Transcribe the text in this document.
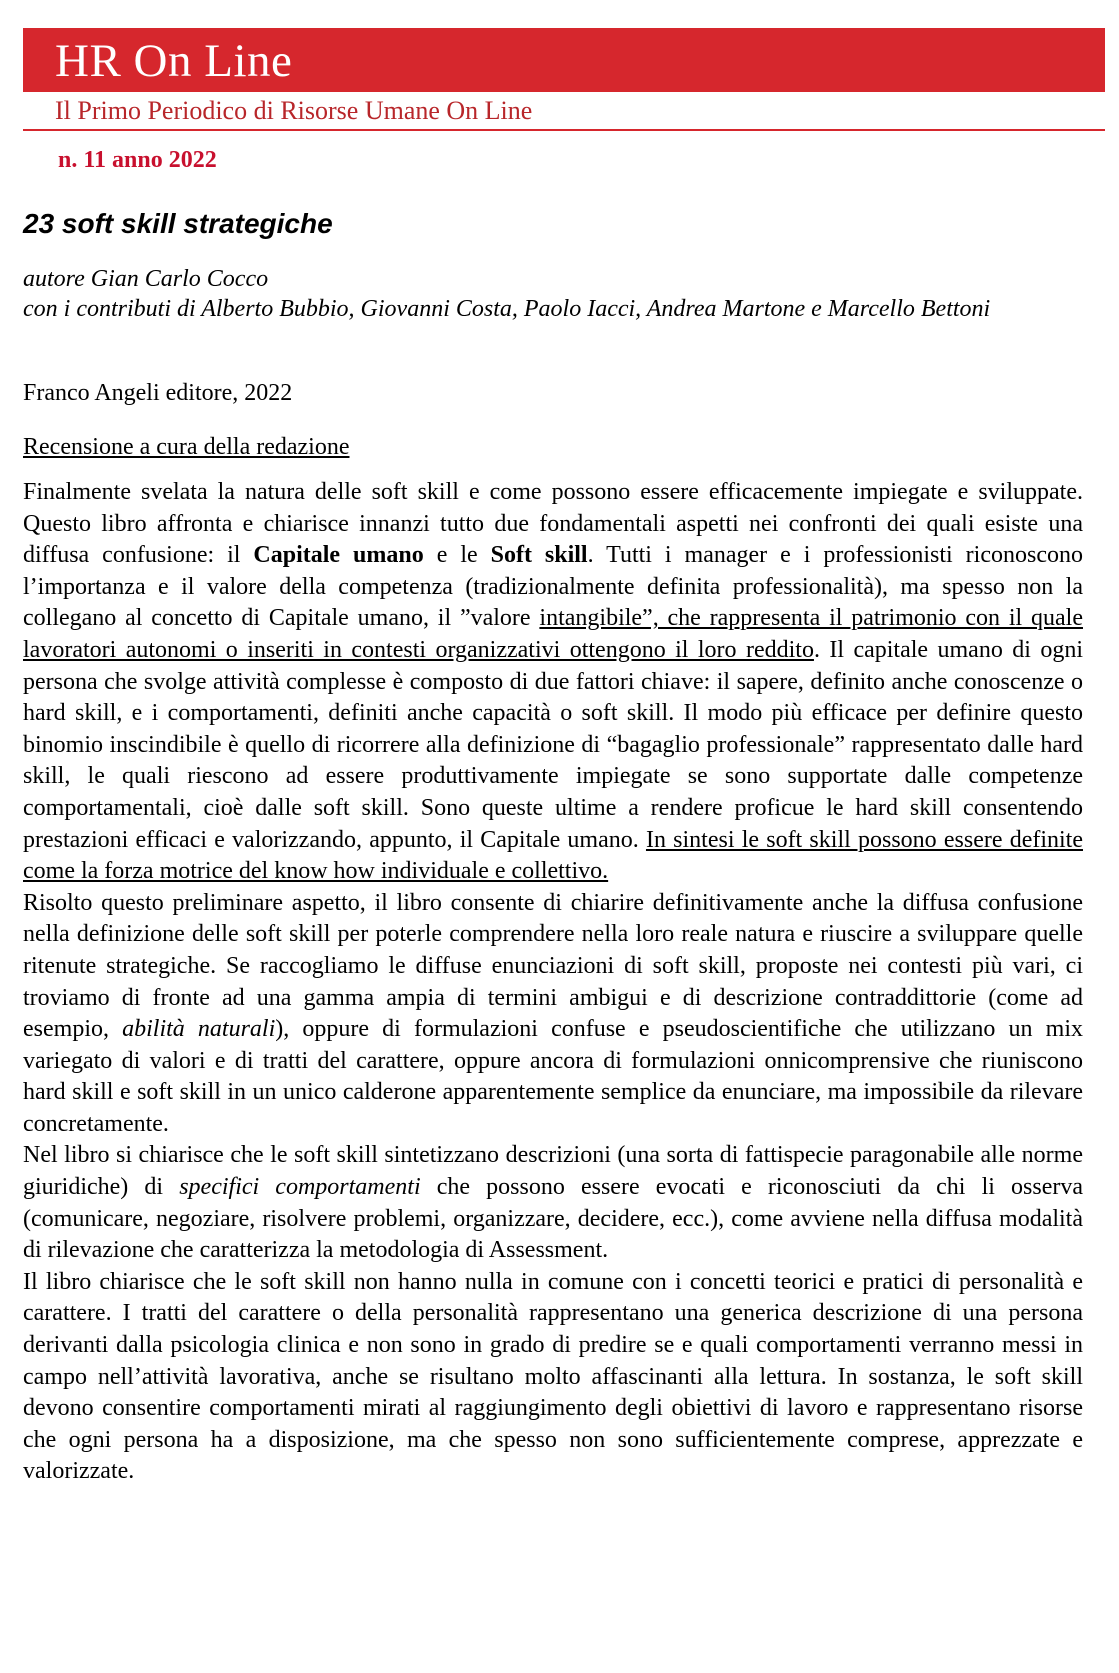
HR On Line
Il Primo Periodico di Risorse Umane On Line
n. 11 anno 2022
23 soft skill strategiche
autore Gian Carlo Cocco
con i contributi di Alberto Bubbio, Giovanni Costa, Paolo Iacci, Andrea Martone e Marcello Bettoni
Franco Angeli editore, 2022
Recensione a cura della redazione

Finalmente svelata la natura delle soft skill e come possono essere efficacemente impiegate e sviluppate. Questo libro affronta e chiarisce innanzi tutto due fondamentali aspetti nei confronti dei quali esiste una diffusa confusione: il Capitale umano e le Soft skill. Tutti i manager e i professionisti riconoscono l’importanza e il valore della competenza (tradizionalmente definita professionalità), ma spesso non la collegano al concetto di Capitale umano, il ”valore intangibile”, che rappresenta il patrimonio con il quale lavoratori autonomi o inseriti in contesti organizzativi ottengono il loro reddito. Il capitale umano di ogni persona che svolge attività complesse è composto di due fattori chiave: il sapere, definito anche conoscenze o hard skill, e i comportamenti, definiti anche capacità o soft skill. Il modo più efficace per definire questo binomio inscindibile è quello di ricorrere alla definizione di “bagaglio professionale” rappresentato dalle hard skill, le quali riescono ad essere produttivamente impiegate se sono supportate dalle competenze comportamentali, cioè dalle soft skill. Sono queste ultime a rendere proficue le hard skill consentendo prestazioni efficaci e valorizzando, appunto, il Capitale umano. In sintesi le soft skill possono essere definite come la forza motrice del know how individuale e collettivo.

Risolto questo preliminare aspetto, il libro consente di chiarire definitivamente anche la diffusa confusione nella definizione delle soft skill per poterle comprendere nella loro reale natura e riuscire a sviluppare quelle ritenute strategiche. Se raccogliamo le diffuse enunciazioni di soft skill, proposte nei contesti più vari, ci troviamo di fronte ad una gamma ampia di termini ambigui e di descrizione contraddittorie (come ad esempio, abilità naturali), oppure di formulazioni confuse e pseudoscientifiche che utilizzano un mix variegato di valori e di tratti del carattere, oppure ancora di formulazioni onnicomprensive che riuniscono hard skill e soft skill in un unico calderone apparentemente semplice da enunciare, ma impossibile da rilevare concretamente.

Nel libro si chiarisce che le soft skill sintetizzano descrizioni (una sorta di fattispecie paragonabile alle norme giuridiche) di specifici comportamenti che possono essere evocati e riconosciuti da chi li osserva (comunicare, negoziare, risolvere problemi, organizzare, decidere, ecc.), come avviene nella diffusa modalità di rilevazione che caratterizza la metodologia di Assessment.

Il libro chiarisce che le soft skill non hanno nulla in comune con i concetti teorici e pratici di personalità e carattere. I tratti del carattere o della personalità rappresentano una generica descrizione di una persona derivanti dalla psicologia clinica e non sono in grado di predire se e quali comportamenti verranno messi in campo nell’attività lavorativa, anche se risultano molto affascinanti alla lettura. In sostanza, le soft skill devono consentire comportamenti mirati al raggiungimento degli obiettivi di lavoro e rappresentano risorse che ogni persona ha a disposizione, ma che spesso non sono sufficientemente comprese, apprezzate e valorizzate.
